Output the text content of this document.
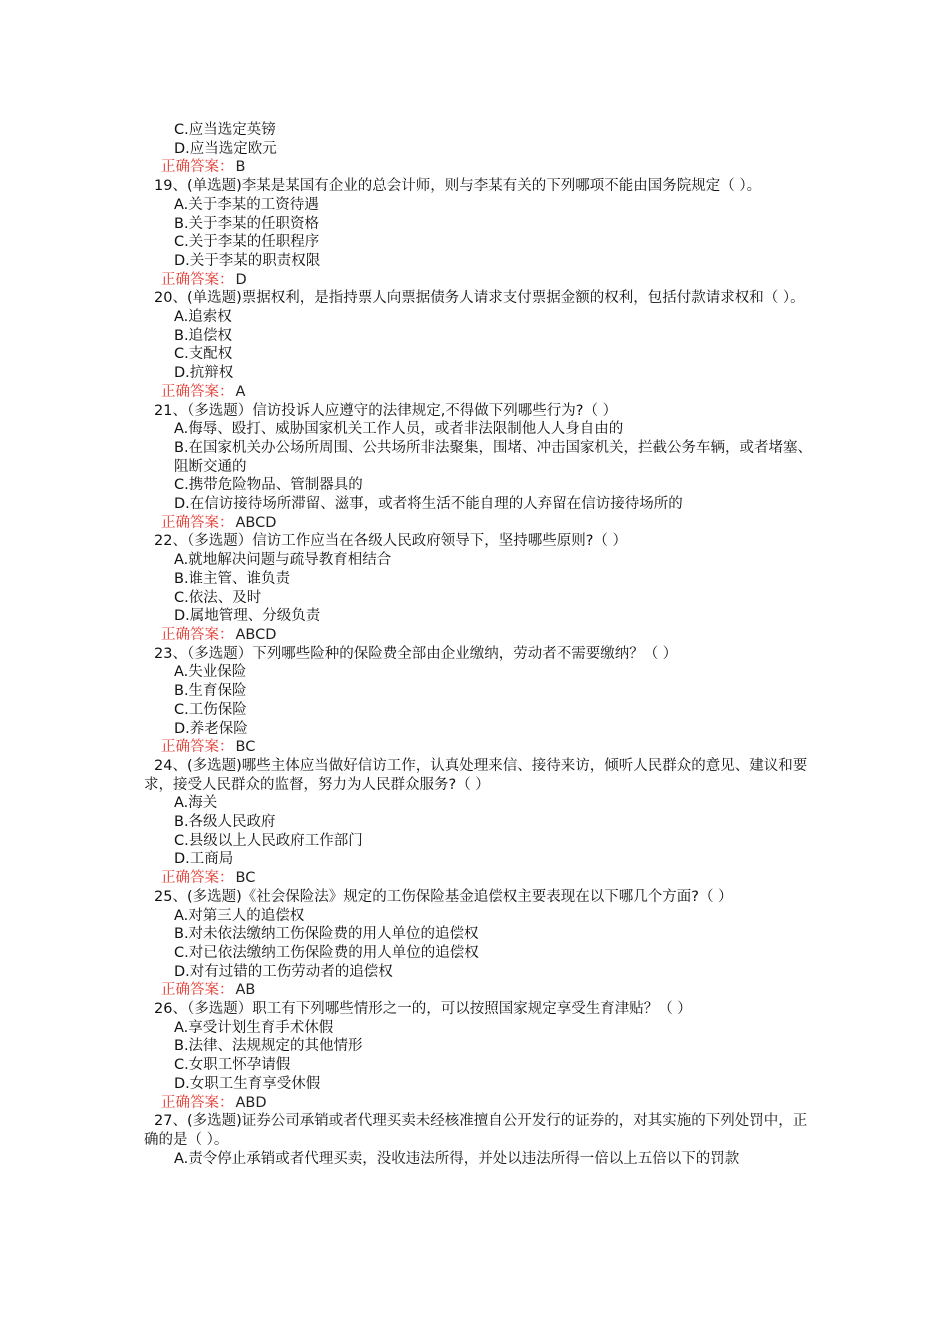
C.应当选定英镑
D.应当选定欧元
正确答案： B
19、(单选题)李某是某国有企业的总会计师，则与李某有关的下列哪项不能由国务院规定（ ）。
A.关于李某的工资待遇
B.关于李某的任职资格
C.关于李某的任职程序
D.关于李某的职责权限
正确答案： D
20、(单选题)票据权利，是指持票人向票据债务人请求支付票据金额的权利，包括付款请求权和（ ）。
A.追索权
B.追偿权
C.支配权
D.抗辩权
正确答案： A
21、（多选题）信访投诉人应遵守的法律规定,不得做下列哪些行为?（ ）
A.侮辱、殴打、威胁国家机关工作人员，或者非法限制他人人身自由的
B.在国家机关办公场所周围、公共场所非法聚集，围堵、冲击国家机关，拦截公务车辆，或者堵塞、阻断交通的
C.携带危险物品、管制器具的
D.在信访接待场所滞留、滋事，或者将生活不能自理的人弃留在信访接待场所的
正确答案： ABCD
22、（多选题）信访工作应当在各级人民政府领导下，坚持哪些原则?（ ）
A.就地解决问题与疏导教育相结合
B.谁主管、谁负责
C.依法、及时
D.属地管理、分级负责
正确答案： ABCD
23、（多选题）下列哪些险种的保险费全部由企业缴纳，劳动者不需要缴纳？（ ）
A.失业保险
B.生育保险
C.工伤保险
D.养老保险
正确答案： BC
24、(多选题)哪些主体应当做好信访工作，认真处理来信、接待来访，倾听人民群众的意见、建议和要求，接受人民群众的监督，努力为人民群众服务?（ ）
A.海关
B.各级人民政府
C.县级以上人民政府工作部门
D.工商局
正确答案： BC
25、(多选题)《社会保险法》规定的工伤保险基金追偿权主要表现在以下哪几个方面?（ ）
A.对第三人的追偿权
B.对未依法缴纳工伤保险费的用人单位的追偿权
C.对已依法缴纳工伤保险费的用人单位的追偿权
D.对有过错的工伤劳动者的追偿权
正确答案： AB
26、（多选题）职工有下列哪些情形之一的，可以按照国家规定享受生育津贴？（ ）
A.享受计划生育手术休假
B.法律、法规规定的其他情形
C.女职工怀孕请假
D.女职工生育享受休假
正确答案： ABD
27、(多选题)证券公司承销或者代理买卖未经核准擅自公开发行的证券的，对其实施的下列处罚中，正确的是（ ）。
A.责令停止承销或者代理买卖，没收违法所得，并处以违法所得一倍以上五倍以下的罚款
